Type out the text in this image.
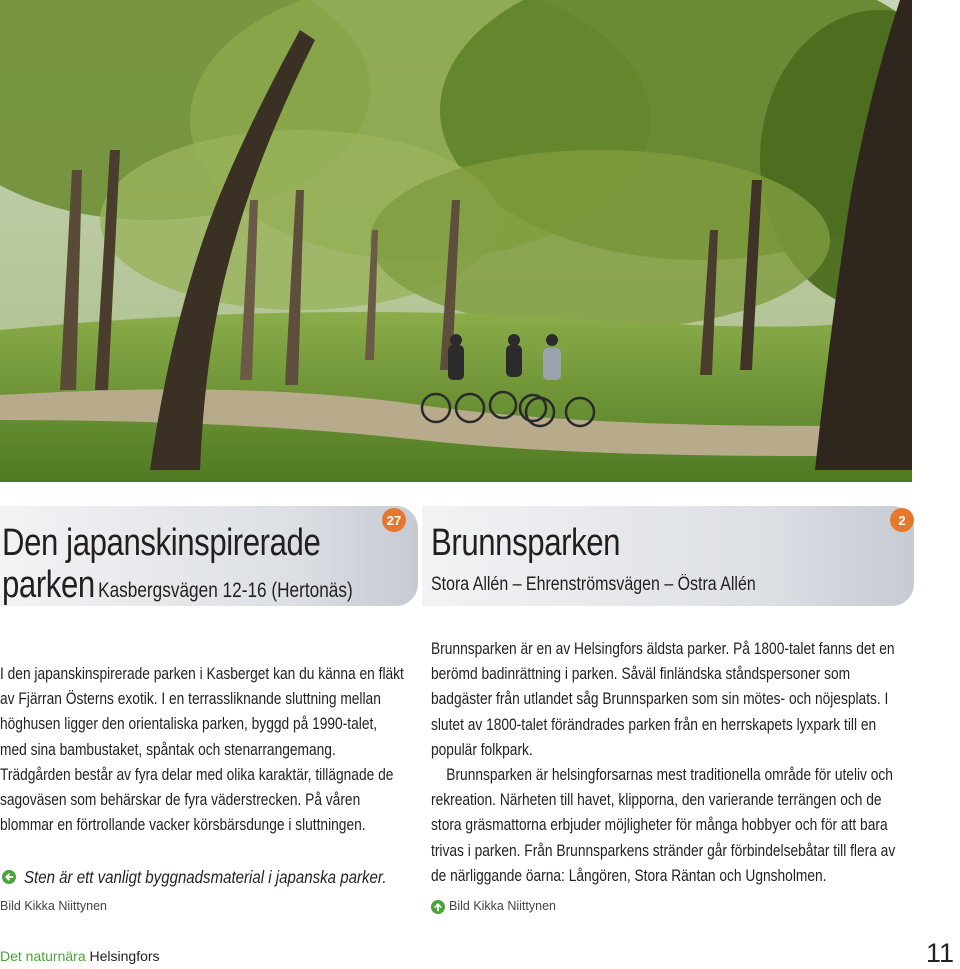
27
Den japanskinspirerade
parken Kasbergsvägen 12-16 (Hertonäs)
2
Brunnsparken
Stora Allén – Ehrenströmsvägen – Östra Allén

I den japanskinspirerade parken i Kasberget kan du känna en fläkt av Fjärran Österns exotik. I en terrassliknande sluttning mellan höghusen ligger den orientaliska parken, byggd på 1990-talet, med sina bambustaket, spåntak och stenarrangemang. Trädgården består av fyra delar med olika karaktär, tillägnade de sagoväsen som behärskar de fyra väderstrecken. På våren blommar en förtrollande vacker körsbärsdunge i sluttningen.

Sten är ett vanligt byggnadsmaterial i japanska parker.
Bild Kikka Niittynen

Brunnsparken är en av Helsingfors äldsta parker. På 1800-talet fanns det en berömd badinrättning i parken. Såväl finländska ståndspersoner som badgäster från utlandet såg Brunnsparken som sin mötes- och nöjesplats. I slutet av 1800-talet förändrades parken från en herrskapets lyxpark till en populär folkpark.

Brunnsparken är helsingforsarnas mest traditionella område för uteliv och rekreation. Närheten till havet, klipporna, den varierande terrängen och de stora gräsmattorna erbjuder möjligheter för många hobbyer och för att bara trivas i parken. Från Brunnsparkens stränder går förbindelsebåtar till flera av de närliggande öarna: Långören, Stora Räntan och Ugnsholmen.

Bild Kikka Niittynen
Det naturnära Helsingfors	11
